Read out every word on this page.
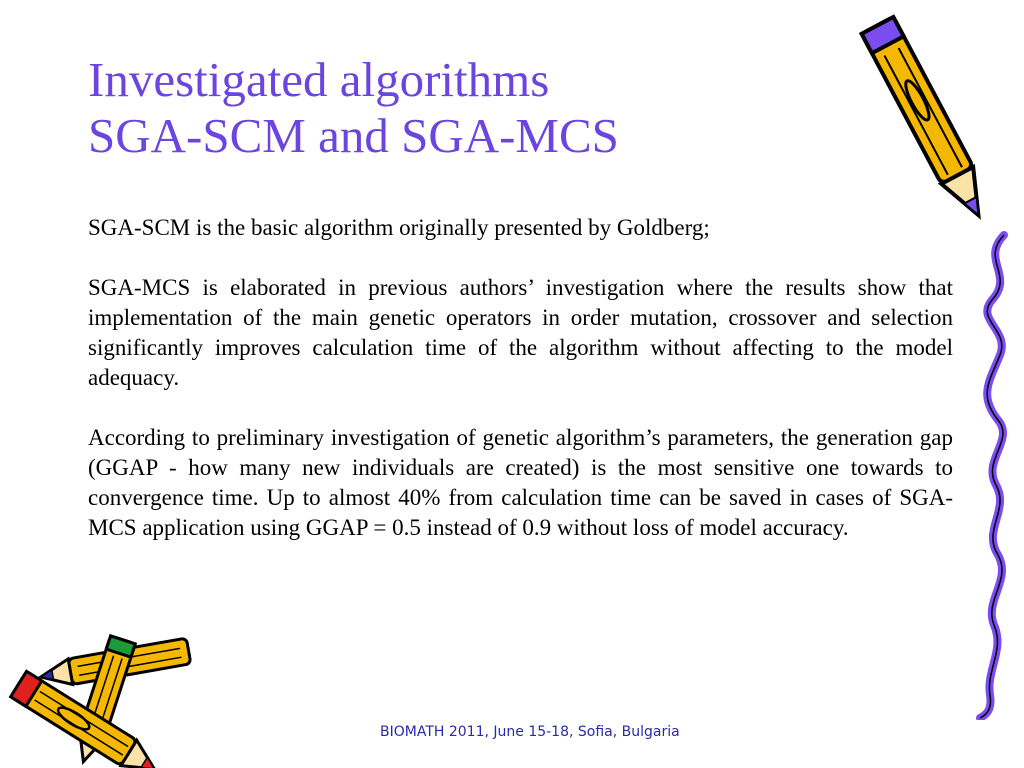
Investigated algorithms
SGA-SCM and SGA-MCS

SGA-SCM is the basic algorithm originally presented by Goldberg;

SGA-MCS is elaborated in previous authors’ investigation where the results show that implementation of the main genetic operators in order mutation, crossover and selection significantly improves calculation time of the algorithm without affecting to the model adequacy.

According to preliminary investigation of genetic algorithm’s parameters, the generation gap (GGAP - how many new individuals are created) is the most sensitive one towards to convergence time. Up to almost 40% from calculation time can be saved in cases of SGA-MCS application using GGAP = 0.5 instead of 0.9 without loss of model accuracy.

BIOMATH 2011, June 15-18, Sofia, Bulgaria
